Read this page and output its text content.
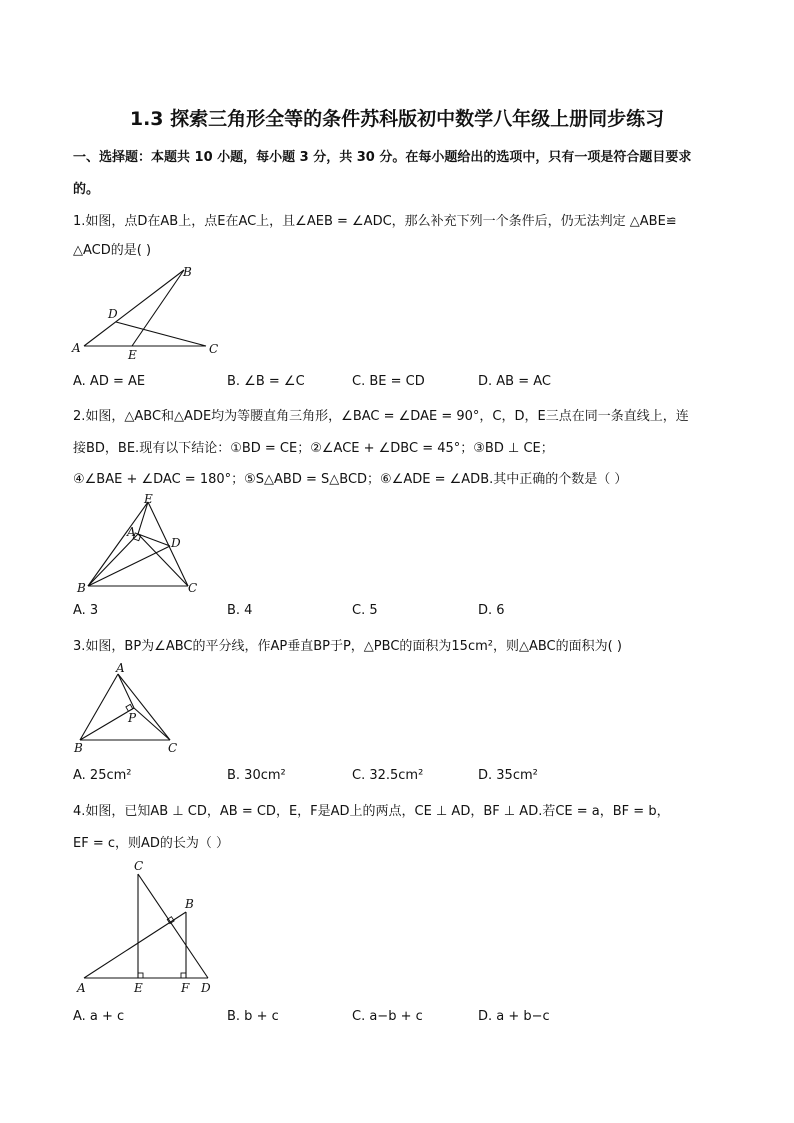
1.3 探索三角形全等的条件苏科版初中数学八年级上册同步练习
一、选择题：本题共 10 小题，每小题 3 分，共 30 分。在每小题给出的选项中，只有一项是符合题目要求
的。
1.如图，点D在AB上，点E在AC上，且∠AEB = ∠ADC，那么补充下列一个条件后，仍无法判定 △ABE≌
△ACD的是( )
A
B
C
D
E
A. AD = AE	B. ∠B = ∠C	C. BE = CD	D. AB = AC
2.如图，△ABC和△ADE均为等腰直角三角形，∠BAC = ∠DAE = 90°，C，D，E三点在同一条直线上，连
接BD，BE.现有以下结论：①BD = CE；②∠ACE + ∠DBC = 45°；③BD ⊥ CE；
④∠BAE + ∠DAC = 180°；⑤S△ABD = S△BCD；⑥∠ADE = ∠ADB.其中正确的个数是（ ）
E
A
D
B	C
A. 3	B. 4	C. 5	D. 6
3.如图，BP为∠ABC的平分线，作AP垂直BP于P，△PBC的面积为15cm²，则△ABC的面积为( )
A
P
B	C
A. 25cm²	B. 30cm²	C. 32.5cm²	D. 35cm²
4.如图，已知AB ⊥ CD，AB = CD，E，F是AD上的两点，CE ⊥ AD，BF ⊥ AD.若CE = a，BF = b，
EF = c，则AD的长为（ ）
C
B
A	E	F D
A. a + c	B. b + c	C. a−b + c	D. a + b−c
